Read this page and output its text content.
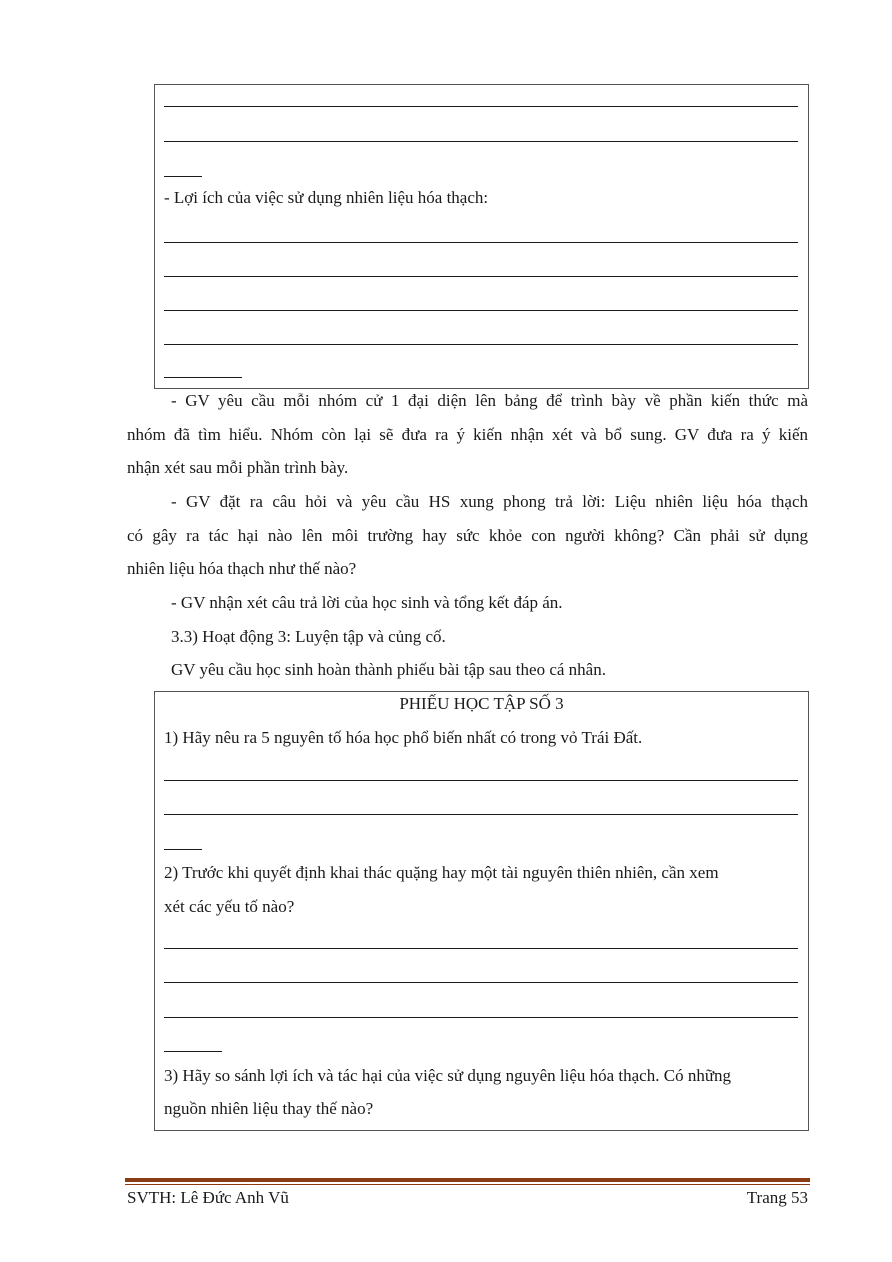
- Lợi ích của việc sử dụng nhiên liệu hóa thạch:
- GV yêu cầu mỗi nhóm cử 1 đại diện lên bảng để trình bày về phần kiến thức mà
nhóm đã tìm hiểu. Nhóm còn lại sẽ đưa ra ý kiến nhận xét và bổ sung. GV đưa ra ý kiến
nhận xét sau mỗi phần trình bày.
- GV đặt ra câu hỏi và yêu cầu HS xung phong trả lời: Liệu nhiên liệu hóa thạch
có gây ra tác hại nào lên môi trường hay sức khỏe con người không? Cần phải sử dụng
nhiên liệu hóa thạch như thế nào?
- GV nhận xét câu trả lời của học sinh và tổng kết đáp án.
3.3) Hoạt động 3: Luyện tập và củng cố.
GV yêu cầu học sinh hoàn thành phiếu bài tập sau theo cá nhân.
PHIẾU HỌC TẬP SỐ 3
1) Hãy nêu ra 5 nguyên tố hóa học phổ biến nhất có trong vỏ Trái Đất.
2) Trước khi quyết định khai thác quặng hay một tài nguyên thiên nhiên, cần xem
xét các yếu tố nào?
3) Hãy so sánh lợi ích và tác hại của việc sử dụng nguyên liệu hóa thạch. Có những
nguồn nhiên liệu thay thế nào?
SVTH: Lê Đức Anh Vũ	Trang 53
